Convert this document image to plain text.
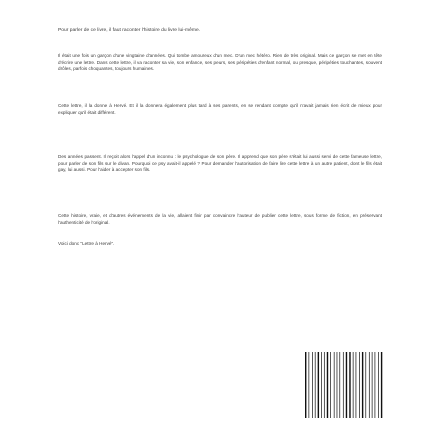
Pour parler de ce livre, il faut raconter l'histoire du livre lui-même.

Il était une fois un garçon d'une vingtaine d'années. Qui tombe amoureux d'un mec. D'un mec hétéro. Rien de très original. Mais ce garçon se met en tête d'écrire une lettre. Dans cette lettre, il va raconter sa vie, son enfance, ses peurs, ses péripéties d'enfant normal, ou presque, péripéties touchantes, souvent drôles, parfois choquantes, toujours humaines.

Cette lettre, il la donne à Hervé. Et il la donnera également plus tard à ses parents, en se rendant compte qu'il n'avait jamais rien écrit de mieux pour expliquer qu'il était différent.

Des années passent. Il reçoit alors l'appel d'un inconnu : le psychologue de son père. Il apprend que son père s'était lui aussi servi de cette fameuse lettre, pour parler de son fils sur le divan. Pourquoi ce psy avait-il appelé ? Pour demander l'autorisation de faire lire cette lettre à un autre patient, dont le fils était gay, lui aussi. Pour l'aider à accepter son fils.

Cette histoire, vraie, et d'autres événements de la vie, allaient finir par convaincre l'auteur de publier cette lettre, sous forme de fiction, en préservant l'authenticité de l'original.

Voici donc "Lettre à Hervé".
